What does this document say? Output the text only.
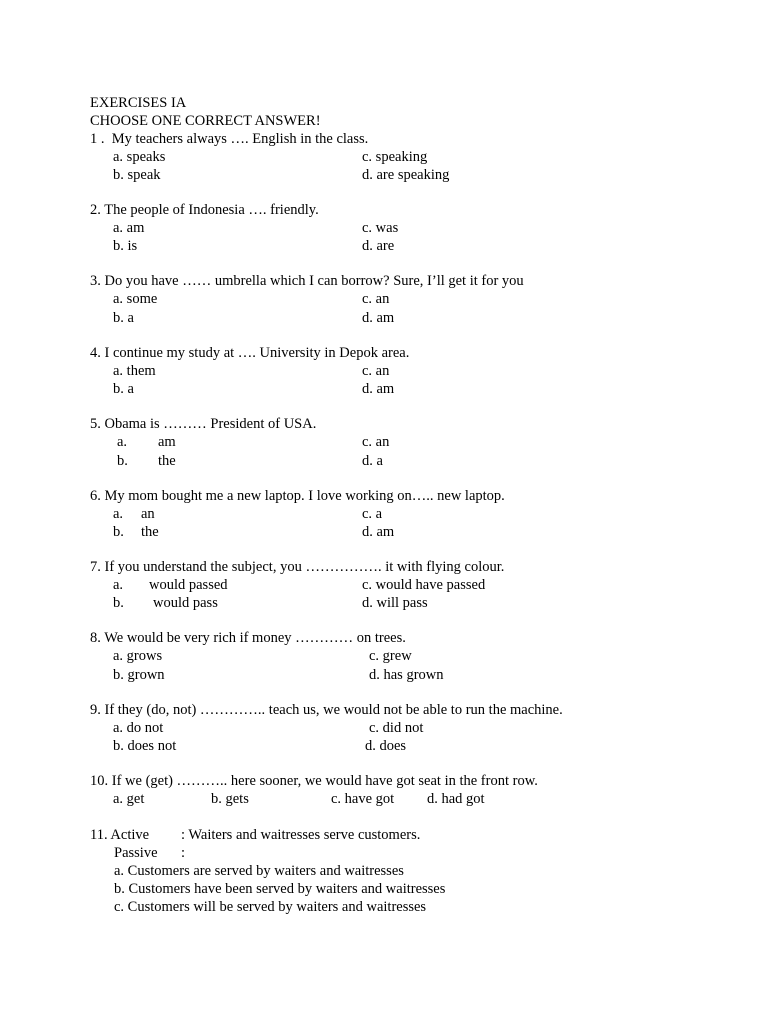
EXERCISES IA
CHOOSE ONE CORRECT ANSWER!
1 .  My teachers always …. English in the class.
a. speaks	c. speaking
b. speak	d. are speaking
2. The people of Indonesia …. friendly.
a. am	c. was
b. is	d. are
3. Do you have …… umbrella which I can borrow? Sure, I’ll get it for you
a. some	c. an
b. a	d. am
4. I continue my study at …. University in Depok area.
a. them	c. an
b. a	d. am
5. Obama is ……… President of USA.
a. am	c. an
b. the	d. a
6. My mom bought me a new laptop. I love working on….. new laptop.
a. an	c. a
b. the	d. am
7. If you understand the subject, you ……………. it with flying colour.
a. would passed	c. would have passed
b. would pass	d. will pass
8. We would be very rich if money ………… on trees.
a. grows	c. grew
b. grown	d. has grown
9. If they (do, not) ………….. teach us, we would not be able to run the machine.
a. do not	c. did not
b. does not	d. does
10. If we (get) ……….. here sooner, we would have got seat in the front row.
a. get	b. gets	c. have got d. had got
11. Active : Waiters and waitresses serve customers.
Passive :
a. Customers are served by waiters and waitresses
b. Customers have been served by waiters and waitresses
c. Customers will be served by waiters and waitresses
